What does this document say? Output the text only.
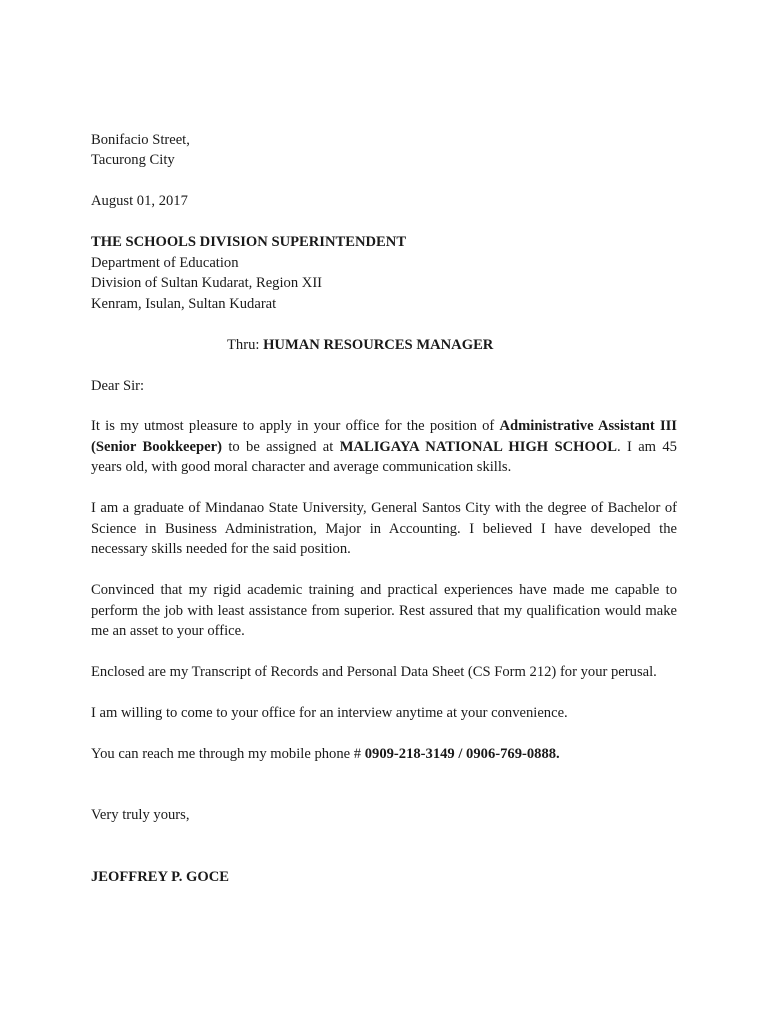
Bonifacio Street,
Tacurong City
August 01, 2017
THE SCHOOLS DIVISION SUPERINTENDENT
Department of Education
Division of Sultan Kudarat, Region XII
Kenram, Isulan, Sultan Kudarat
Thru: HUMAN RESOURCES MANAGER
Dear Sir:
It is my utmost pleasure to apply in your office for the position of Administrative Assistant III (Senior Bookkeeper) to be assigned at MALIGAYA NATIONAL HIGH SCHOOL. I am 45 years old, with good moral character and average communication skills.
I am a graduate of Mindanao State University, General Santos City with the degree of Bachelor of Science in Business Administration, Major in Accounting. I believed I have developed the necessary skills needed for the said position.
Convinced that my rigid academic training and practical experiences have made me capable to perform the job with least assistance from superior. Rest assured that my qualification would make me an asset to your office.
Enclosed are my Transcript of Records and Personal Data Sheet (CS Form 212) for your perusal.
I am willing to come to your office for an interview anytime at your convenience.
You can reach me through my mobile phone # 0909-218-3149 / 0906-769-0888.
Very truly yours,
JEOFFREY P. GOCE
